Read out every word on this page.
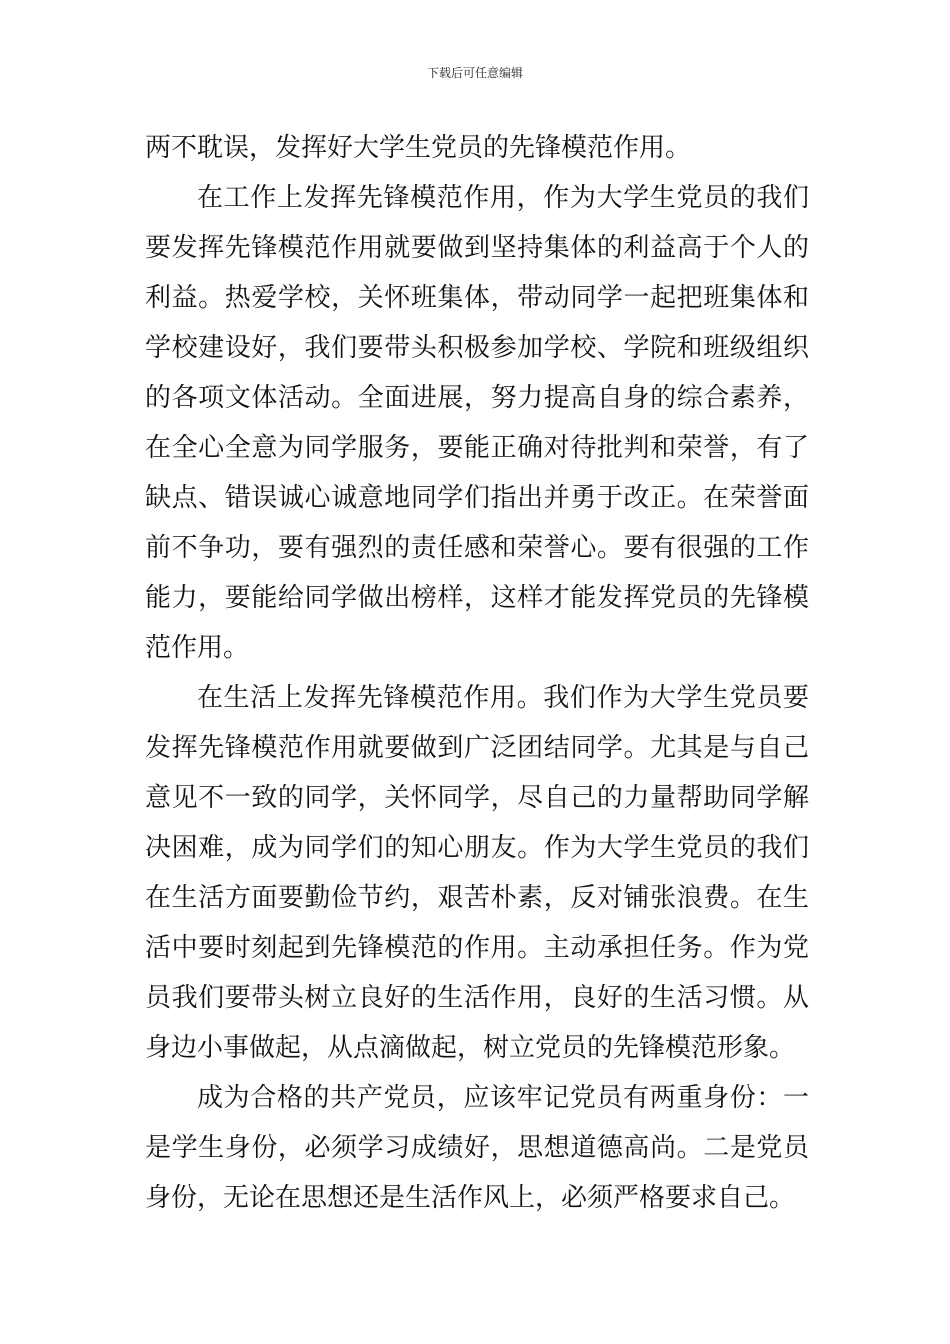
下载后可任意编辑

两不耽误，发挥好大学生党员的先锋模范作用。

在工作上发挥先锋模范作用，作为大学生党员的我们要发挥先锋模范作用就要做到坚持集体的利益高于个人的利益。热爱学校，关怀班集体，带动同学一起把班集体和学校建设好，我们要带头积极参加学校、学院和班级组织的各项文体活动。全面进展，努力提高自身的综合素养，在全心全意为同学服务，要能正确对待批判和荣誉，有了缺点、错误诚心诚意地同学们指出并勇于改正。在荣誉面前不争功，要有强烈的责任感和荣誉心。要有很强的工作能力，要能给同学做出榜样，这样才能发挥党员的先锋模范作用。

在生活上发挥先锋模范作用。我们作为大学生党员要发挥先锋模范作用就要做到广泛团结同学。尤其是与自己意见不一致的同学，关怀同学，尽自己的力量帮助同学解决困难，成为同学们的知心朋友。作为大学生党员的我们在生活方面要勤俭节约，艰苦朴素，反对铺张浪费。在生活中要时刻起到先锋模范的作用。主动承担任务。作为党员我们要带头树立良好的生活作用，良好的生活习惯。从身边小事做起，从点滴做起，树立党员的先锋模范形象。

成为合格的共产党员，应该牢记党员有两重身份：一是学生身份，必须学习成绩好，思想道德高尚。二是党员身份，无论在思想还是生活作风上，必须严格要求自己。
